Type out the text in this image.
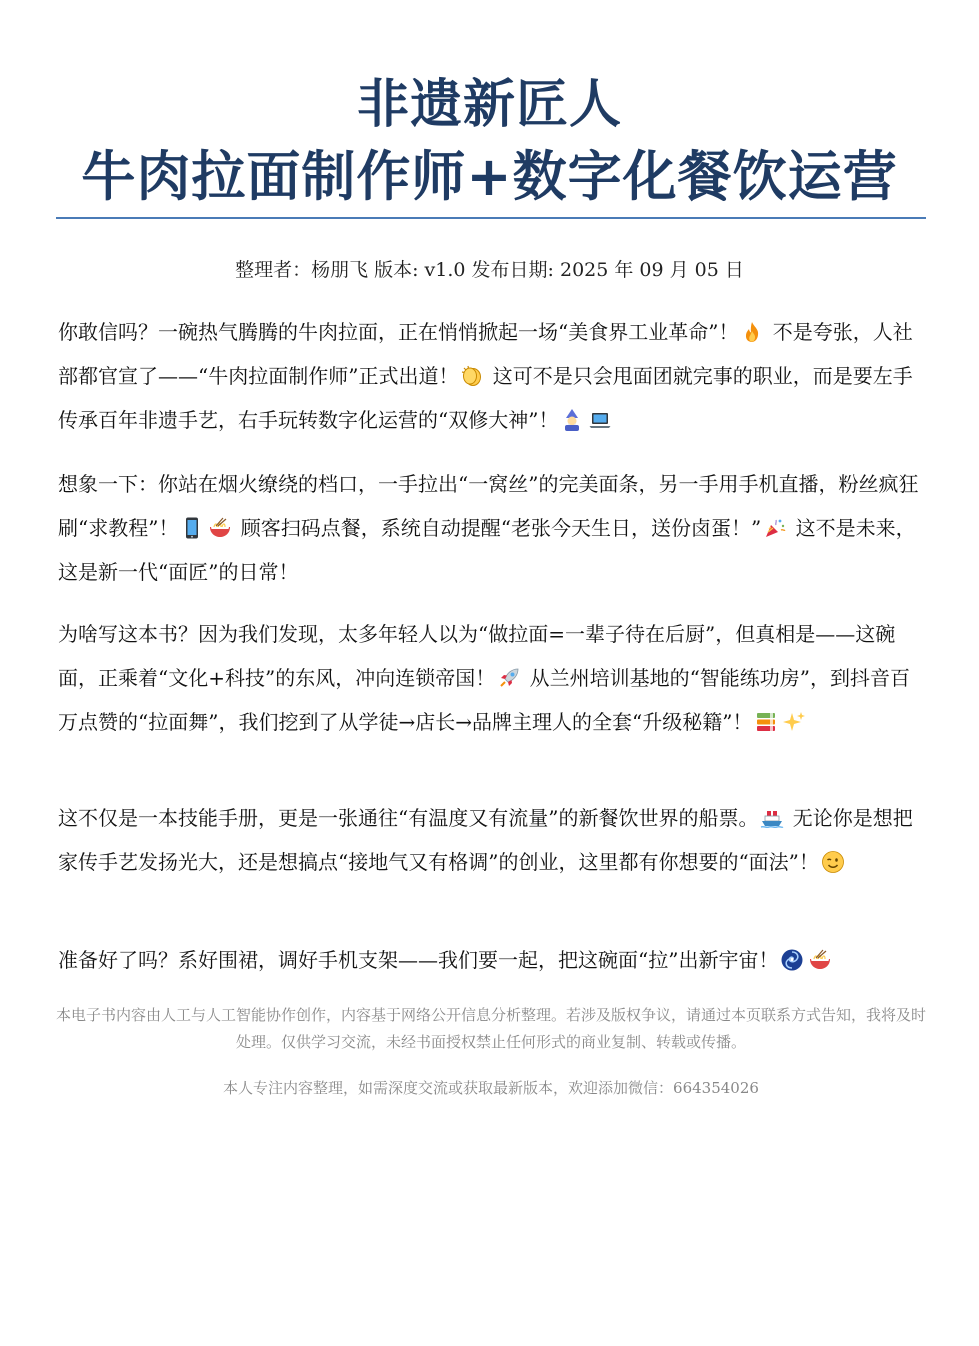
非遗新匠人
牛肉拉面制作师+数字化餐饮运营
整理者：杨朋飞 版本: v1.0 发布日期: 2025 年 09 月 05 日
你敢信吗？一碗热气腾腾的牛肉拉面，正在悄悄掀起一场“美食界工业革命”！ 不是夸张，人社部都官宣了——“牛肉拉面制作师”正式出道！ 这可不是只会甩面团就完事的职业，而是要左手传承百年非遗手艺，右手玩转数字化运营的“双修大神”！
想象一下：你站在烟火缭绕的档口，一手拉出“一窝丝”的完美面条，另一手用手机直播，粉丝疯狂刷“求教程”！	顾客扫码点餐，系统自动提醒“老张今天生日，送份卤蛋！” 这不是未来，这是新一代“面匠”的日常！
为啥写这本书？因为我们发现，太多年轻人以为“做拉面=一辈子待在后厨”，但真相是——这碗面，正乘着“文化+科技”的东风，冲向连锁帝国！ 从兰州培训基地的“智能练功房”，到抖音百万点赞的“拉面舞”，我们挖到了从学徒→店长→品牌主理人的全套“升级秘籍”！
这不仅是一本技能手册，更是一张通往“有温度又有流量”的新餐饮世界的船票。 无论你是想把家传手艺发扬光大，还是想搞点“接地气又有格调”的创业，这里都有你想要的“面法”！
准备好了吗？系好围裙，调好手机支架——我们要一起，把这碗面“拉”出新宇宙！
本电子书内容由人工与人工智能协作创作，内容基于网络公开信息分析整理。若涉及版权争议，请通过本页联系方式告知，我将及时处理。仅供学习交流，未经书面授权禁止任何形式的商业复制、转载或传播。
本人专注内容整理，如需深度交流或获取最新版本，欢迎添加微信：664354026
